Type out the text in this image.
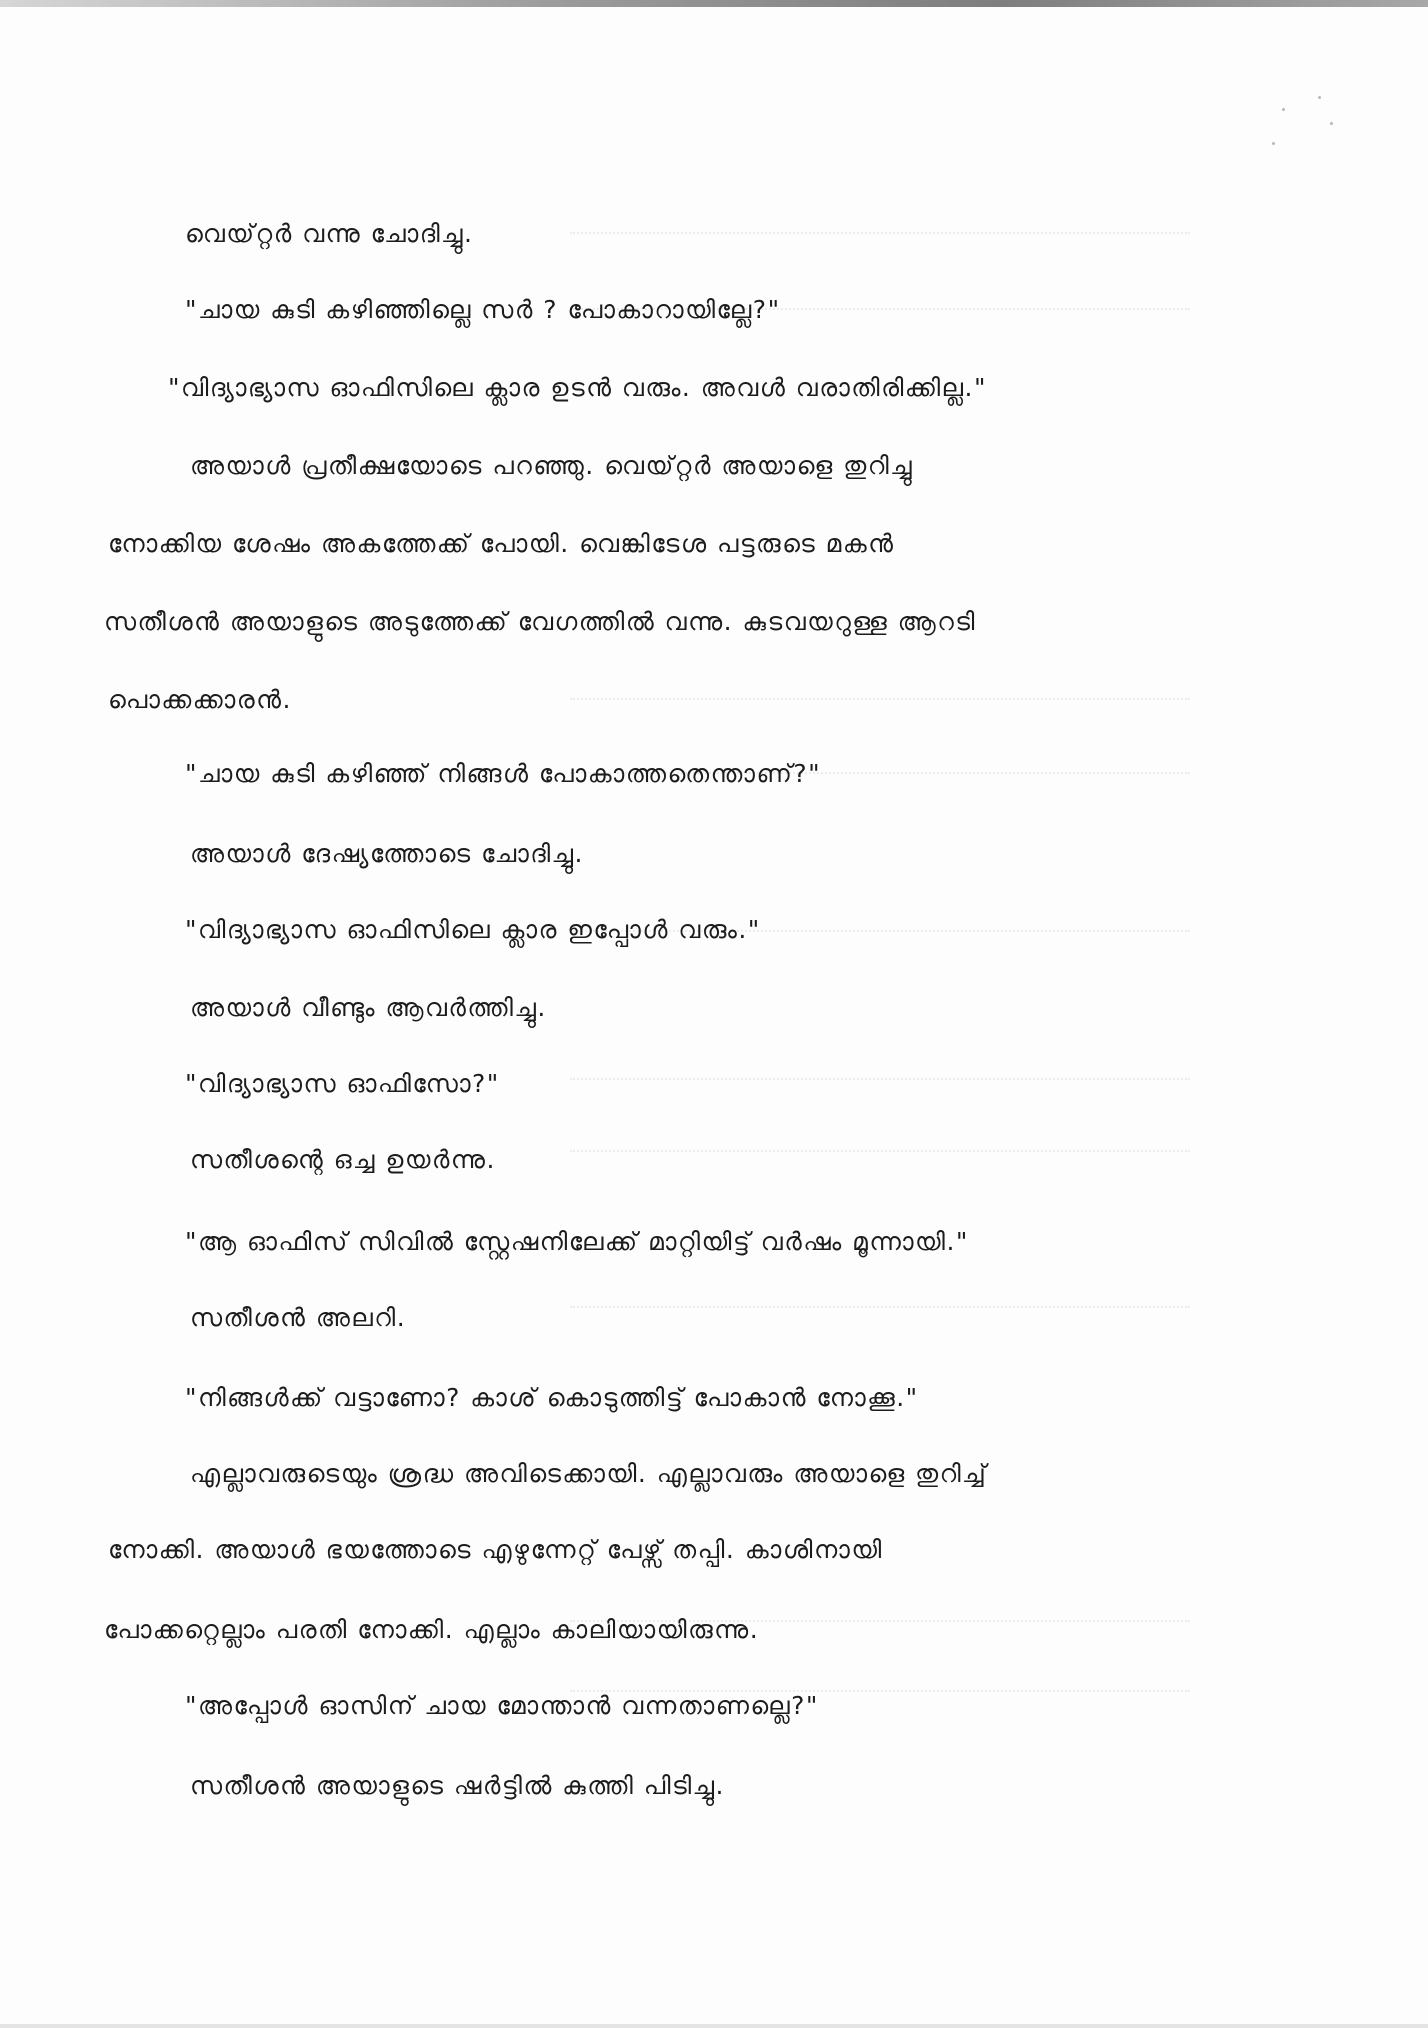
വെയ്റ്റർ വന്നു ചോദിച്ചു.
"ചായ കുടി കഴിഞ്ഞില്ലെ സർ ? പോകാറായില്ലേ?"
"വിദ്യാഭ്യാസ ഓഫിസിലെ ക്ലാര ഉടൻ വരും. അവൾ വരാതിരിക്കില്ല."
അയാൾ പ്രതീക്ഷയോടെ പറഞ്ഞു. വെയ്റ്റർ അയാളെ തുറിച്ചു
നോക്കിയ ശേഷം അകത്തേക്ക് പോയി. വെങ്കിടേശ പട്ടരുടെ മകൻ
സതീശൻ അയാളുടെ അടുത്തേക്ക് വേഗത്തിൽ വന്നു. കുടവയറുള്ള ആറടി
പൊക്കക്കാരൻ.
"ചായ കുടി കഴിഞ്ഞ് നിങ്ങൾ പോകാത്തതെന്താണ്?"
അയാൾ ദേഷ്യത്തോടെ ചോദിച്ചു.
"വിദ്യാഭ്യാസ ഓഫിസിലെ ക്ലാര ഇപ്പോൾ വരും."
അയാൾ വീണ്ടും ആവർത്തിച്ചു.
"വിദ്യാഭ്യാസ ഓഫിസോ?"
സതീശന്റെ ഒച്ച ഉയർന്നു.
"ആ ഓഫിസ് സിവിൽ സ്റ്റേഷനിലേക്ക് മാറ്റിയിട്ട് വർഷം മൂന്നായി."
സതീശൻ അലറി.
"നിങ്ങൾക്ക് വട്ടാണോ? കാശ് കൊടുത്തിട്ട് പോകാൻ നോക്കൂ."
എല്ലാവരുടെയും ശ്രദ്ധ അവിടെക്കായി. എല്ലാവരും അയാളെ തുറിച്ച്
നോക്കി. അയാൾ ഭയത്തോടെ എഴുന്നേറ്റ് പേഴ്സ് തപ്പി. കാശിനായി
പോക്കറ്റെല്ലാം പരതി നോക്കി. എല്ലാം കാലിയായിരുന്നു.
"അപ്പോൾ ഓസിന് ചായ മോന്താൻ വന്നതാണല്ലെ?"
സതീശൻ അയാളുടെ ഷർട്ടിൽ കുത്തി പിടിച്ചു.
